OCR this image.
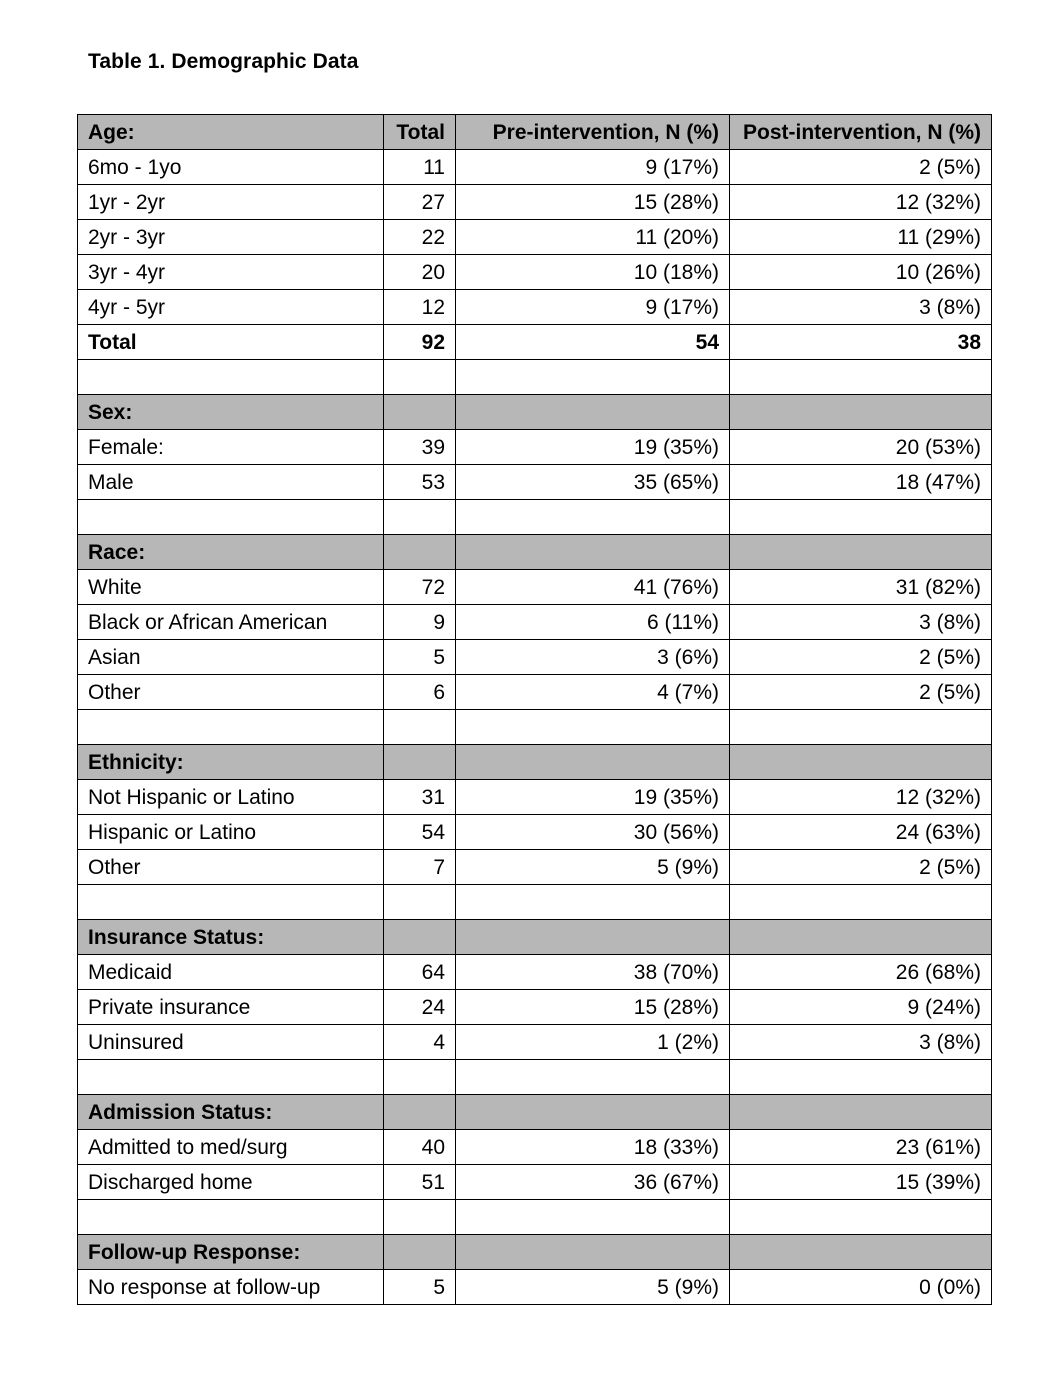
Table 1. Demographic Data
Age:	Total	Pre-intervention, N (%)	Post-intervention, N (%)
6mo - 1yo	11	9 (17%)	2 (5%)
1yr - 2yr	27	15 (28%)	12 (32%)
2yr - 3yr	22	11 (20%)	11 (29%)
3yr - 4yr	20	10 (18%)	10 (26%)
4yr - 5yr	12	9 (17%)	3 (8%)
Total	92	54	38

Sex:			
Female:	39	19 (35%)	20 (53%)
Male	53	35 (65%)	18 (47%)

Race:			
White	72	41 (76%)	31 (82%)
Black or African American	9	6 (11%)	3 (8%)
Asian	5	3 (6%)	2 (5%)
Other	6	4 (7%)	2 (5%)

Ethnicity:			
Not Hispanic or Latino	31	19 (35%)	12 (32%)
Hispanic or Latino	54	30 (56%)	24 (63%)
Other	7	5 (9%)	2 (5%)

Insurance Status:			
Medicaid	64	38 (70%)	26 (68%)
Private insurance	24	15 (28%)	9 (24%)
Uninsured	4	1 (2%)	3 (8%)

Admission Status:			
Admitted to med/surg	40	18 (33%)	23 (61%)
Discharged home	51	36 (67%)	15 (39%)

Follow-up Response:			
No response at follow-up	5	5 (9%)	0 (0%)
